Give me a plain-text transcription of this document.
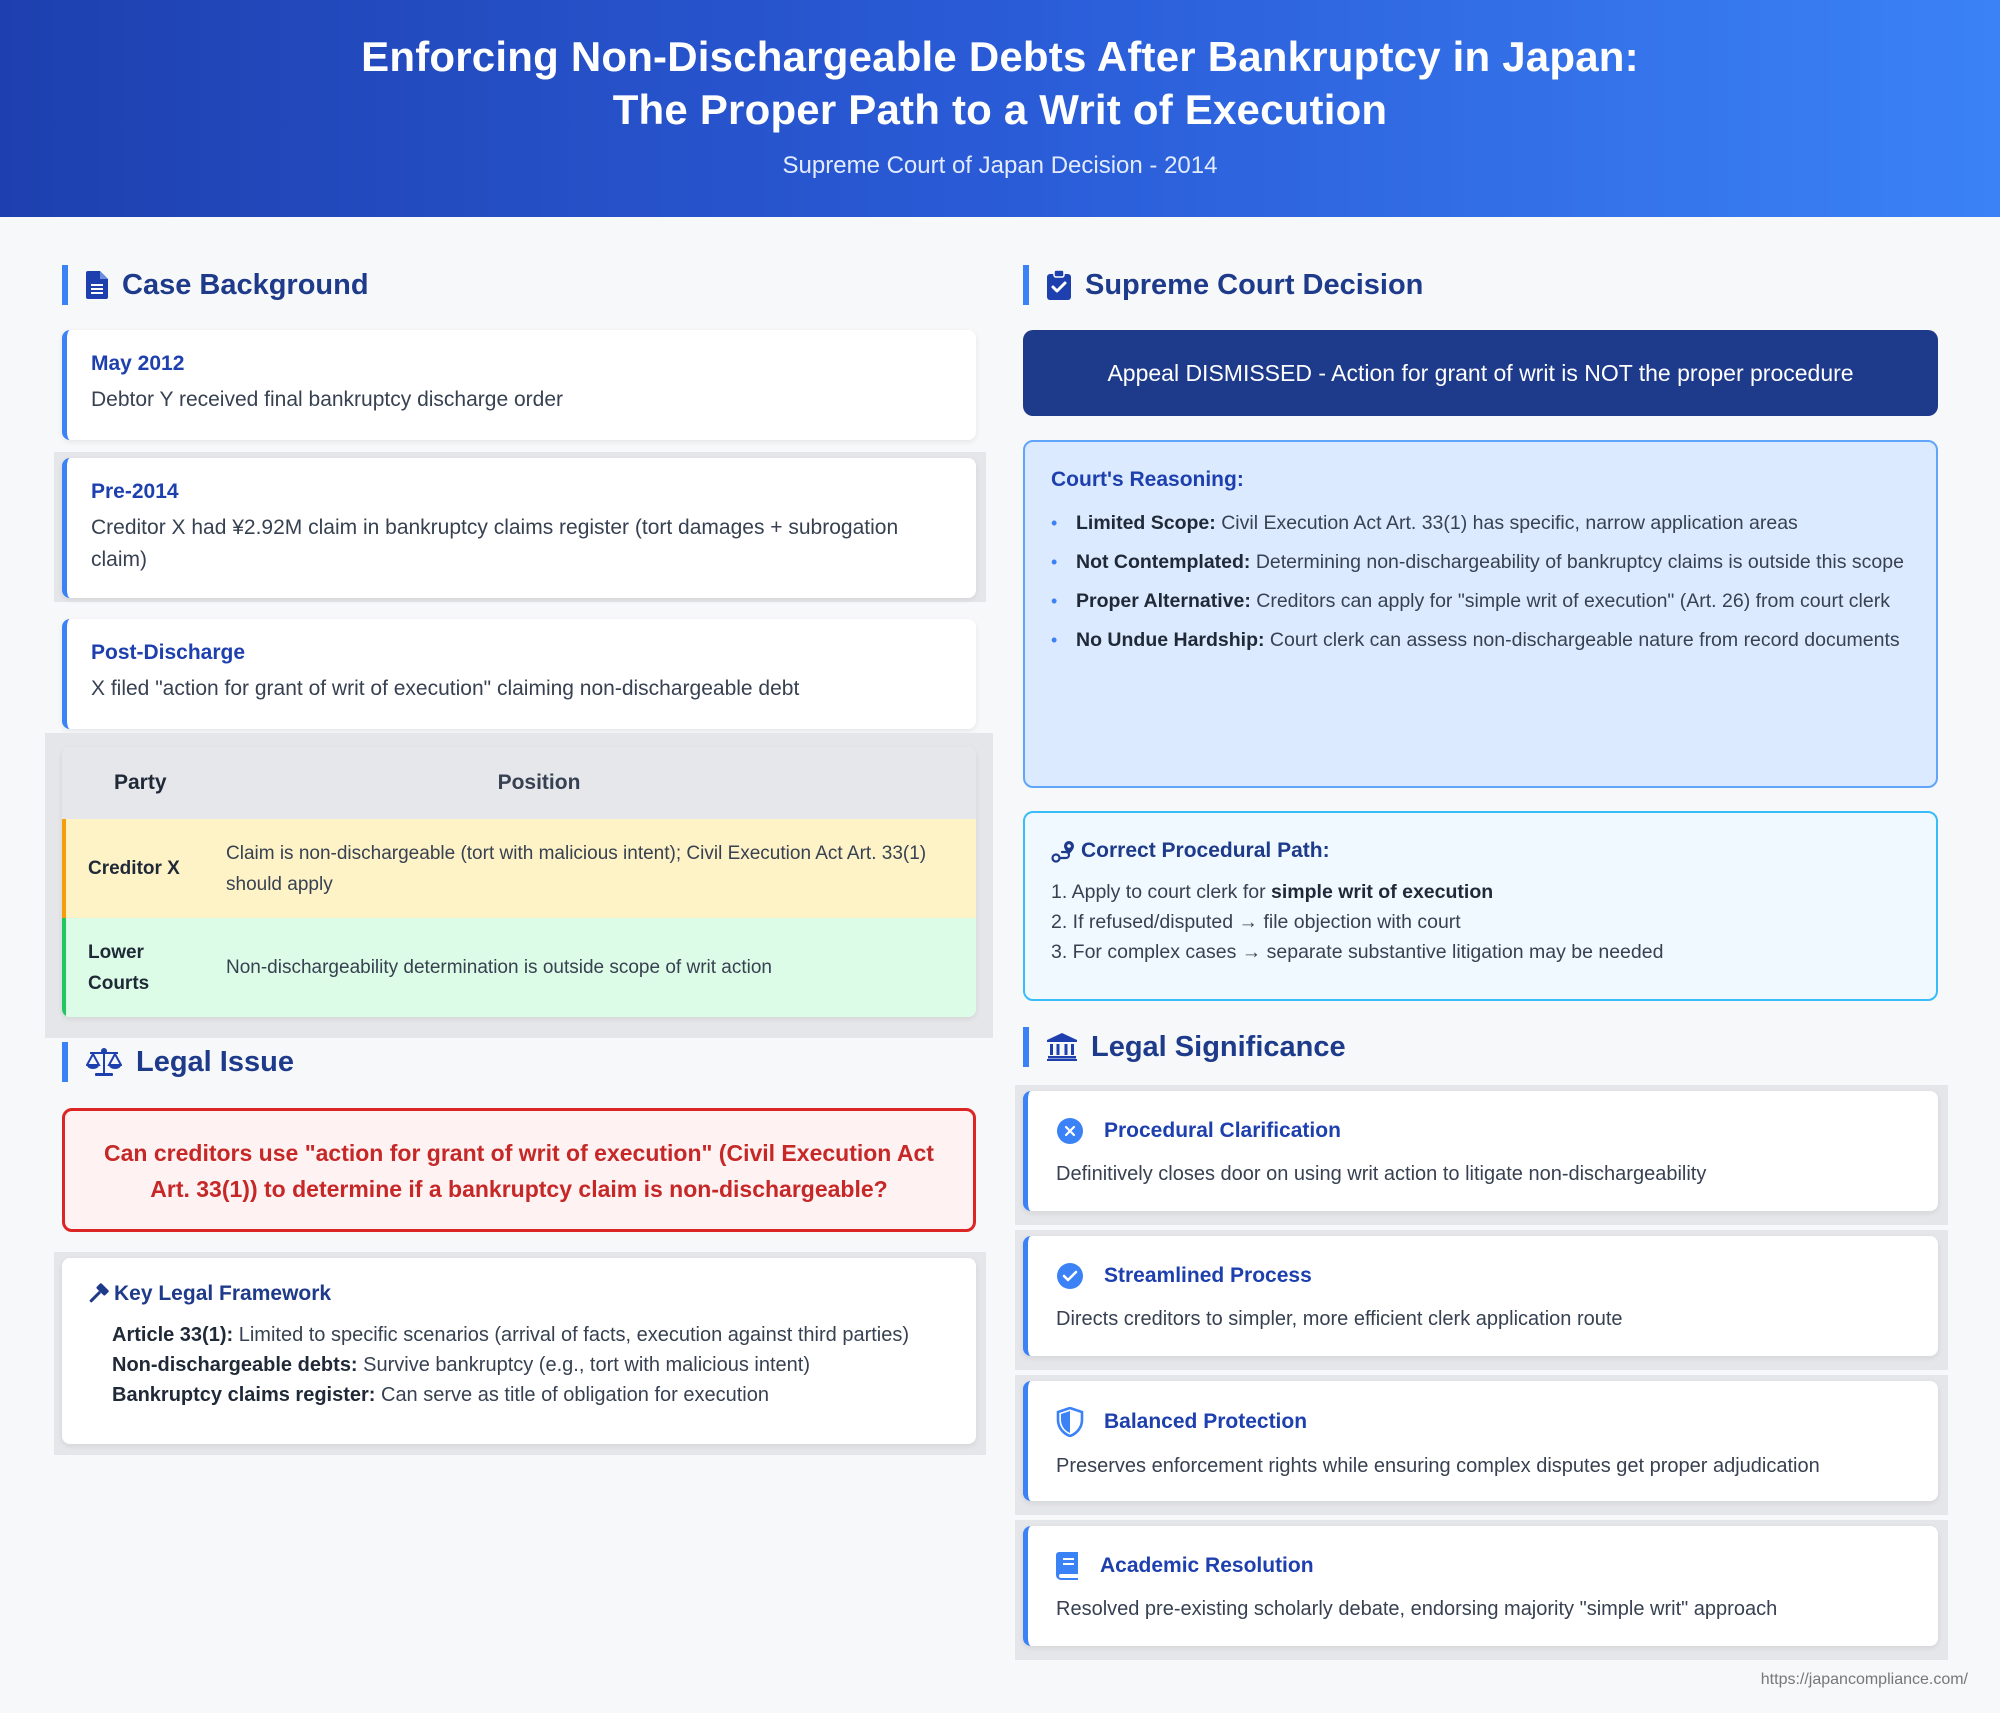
Enforcing Non-Dischargeable Debts After Bankruptcy in Japan:
The Proper Path to a Writ of Execution
Supreme Court of Japan Decision - 2014
Case Background
May 2012
Debtor Y received final bankruptcy discharge order
Pre-2014
Creditor X had ¥2.92M claim in bankruptcy claims register (tort damages + subrogation claim)
Post-Discharge
X filed "action for grant of writ of execution" claiming non-dischargeable debt
Party	Position
Creditor X
Claim is non-dischargeable (tort with malicious intent); Civil Execution Act Art. 33(1) should apply
Lower Courts
Non-dischargeability determination is outside scope of writ action
Legal Issue
Can creditors use "action for grant of writ of execution" (Civil Execution Act Art. 33(1)) to determine if a bankruptcy claim is non-dischargeable?
Key Legal Framework
Article 33(1): Limited to specific scenarios (arrival of facts, execution against third parties)
Non-dischargeable debts: Survive bankruptcy (e.g., tort with malicious intent)
Bankruptcy claims register: Can serve as title of obligation for execution
Supreme Court Decision
Appeal DISMISSED - Action for grant of writ is NOT the proper procedure
Court's Reasoning:
• Limited Scope: Civil Execution Act Art. 33(1) has specific, narrow application areas
• Not Contemplated: Determining non-dischargeability of bankruptcy claims is outside this scope
• Proper Alternative: Creditors can apply for "simple writ of execution" (Art. 26) from court clerk
• No Undue Hardship: Court clerk can assess non-dischargeable nature from record documents
Correct Procedural Path:
1. Apply to court clerk for simple writ of execution
2. If refused/disputed → file objection with court
3. For complex cases → separate substantive litigation may be needed
Legal Significance
Procedural Clarification
Definitively closes door on using writ action to litigate non-dischargeability
Streamlined Process
Directs creditors to simpler, more efficient clerk application route
Balanced Protection
Preserves enforcement rights while ensuring complex disputes get proper adjudication
Academic Resolution
Resolved pre-existing scholarly debate, endorsing majority "simple writ" approach
https://japancompliance.com/
